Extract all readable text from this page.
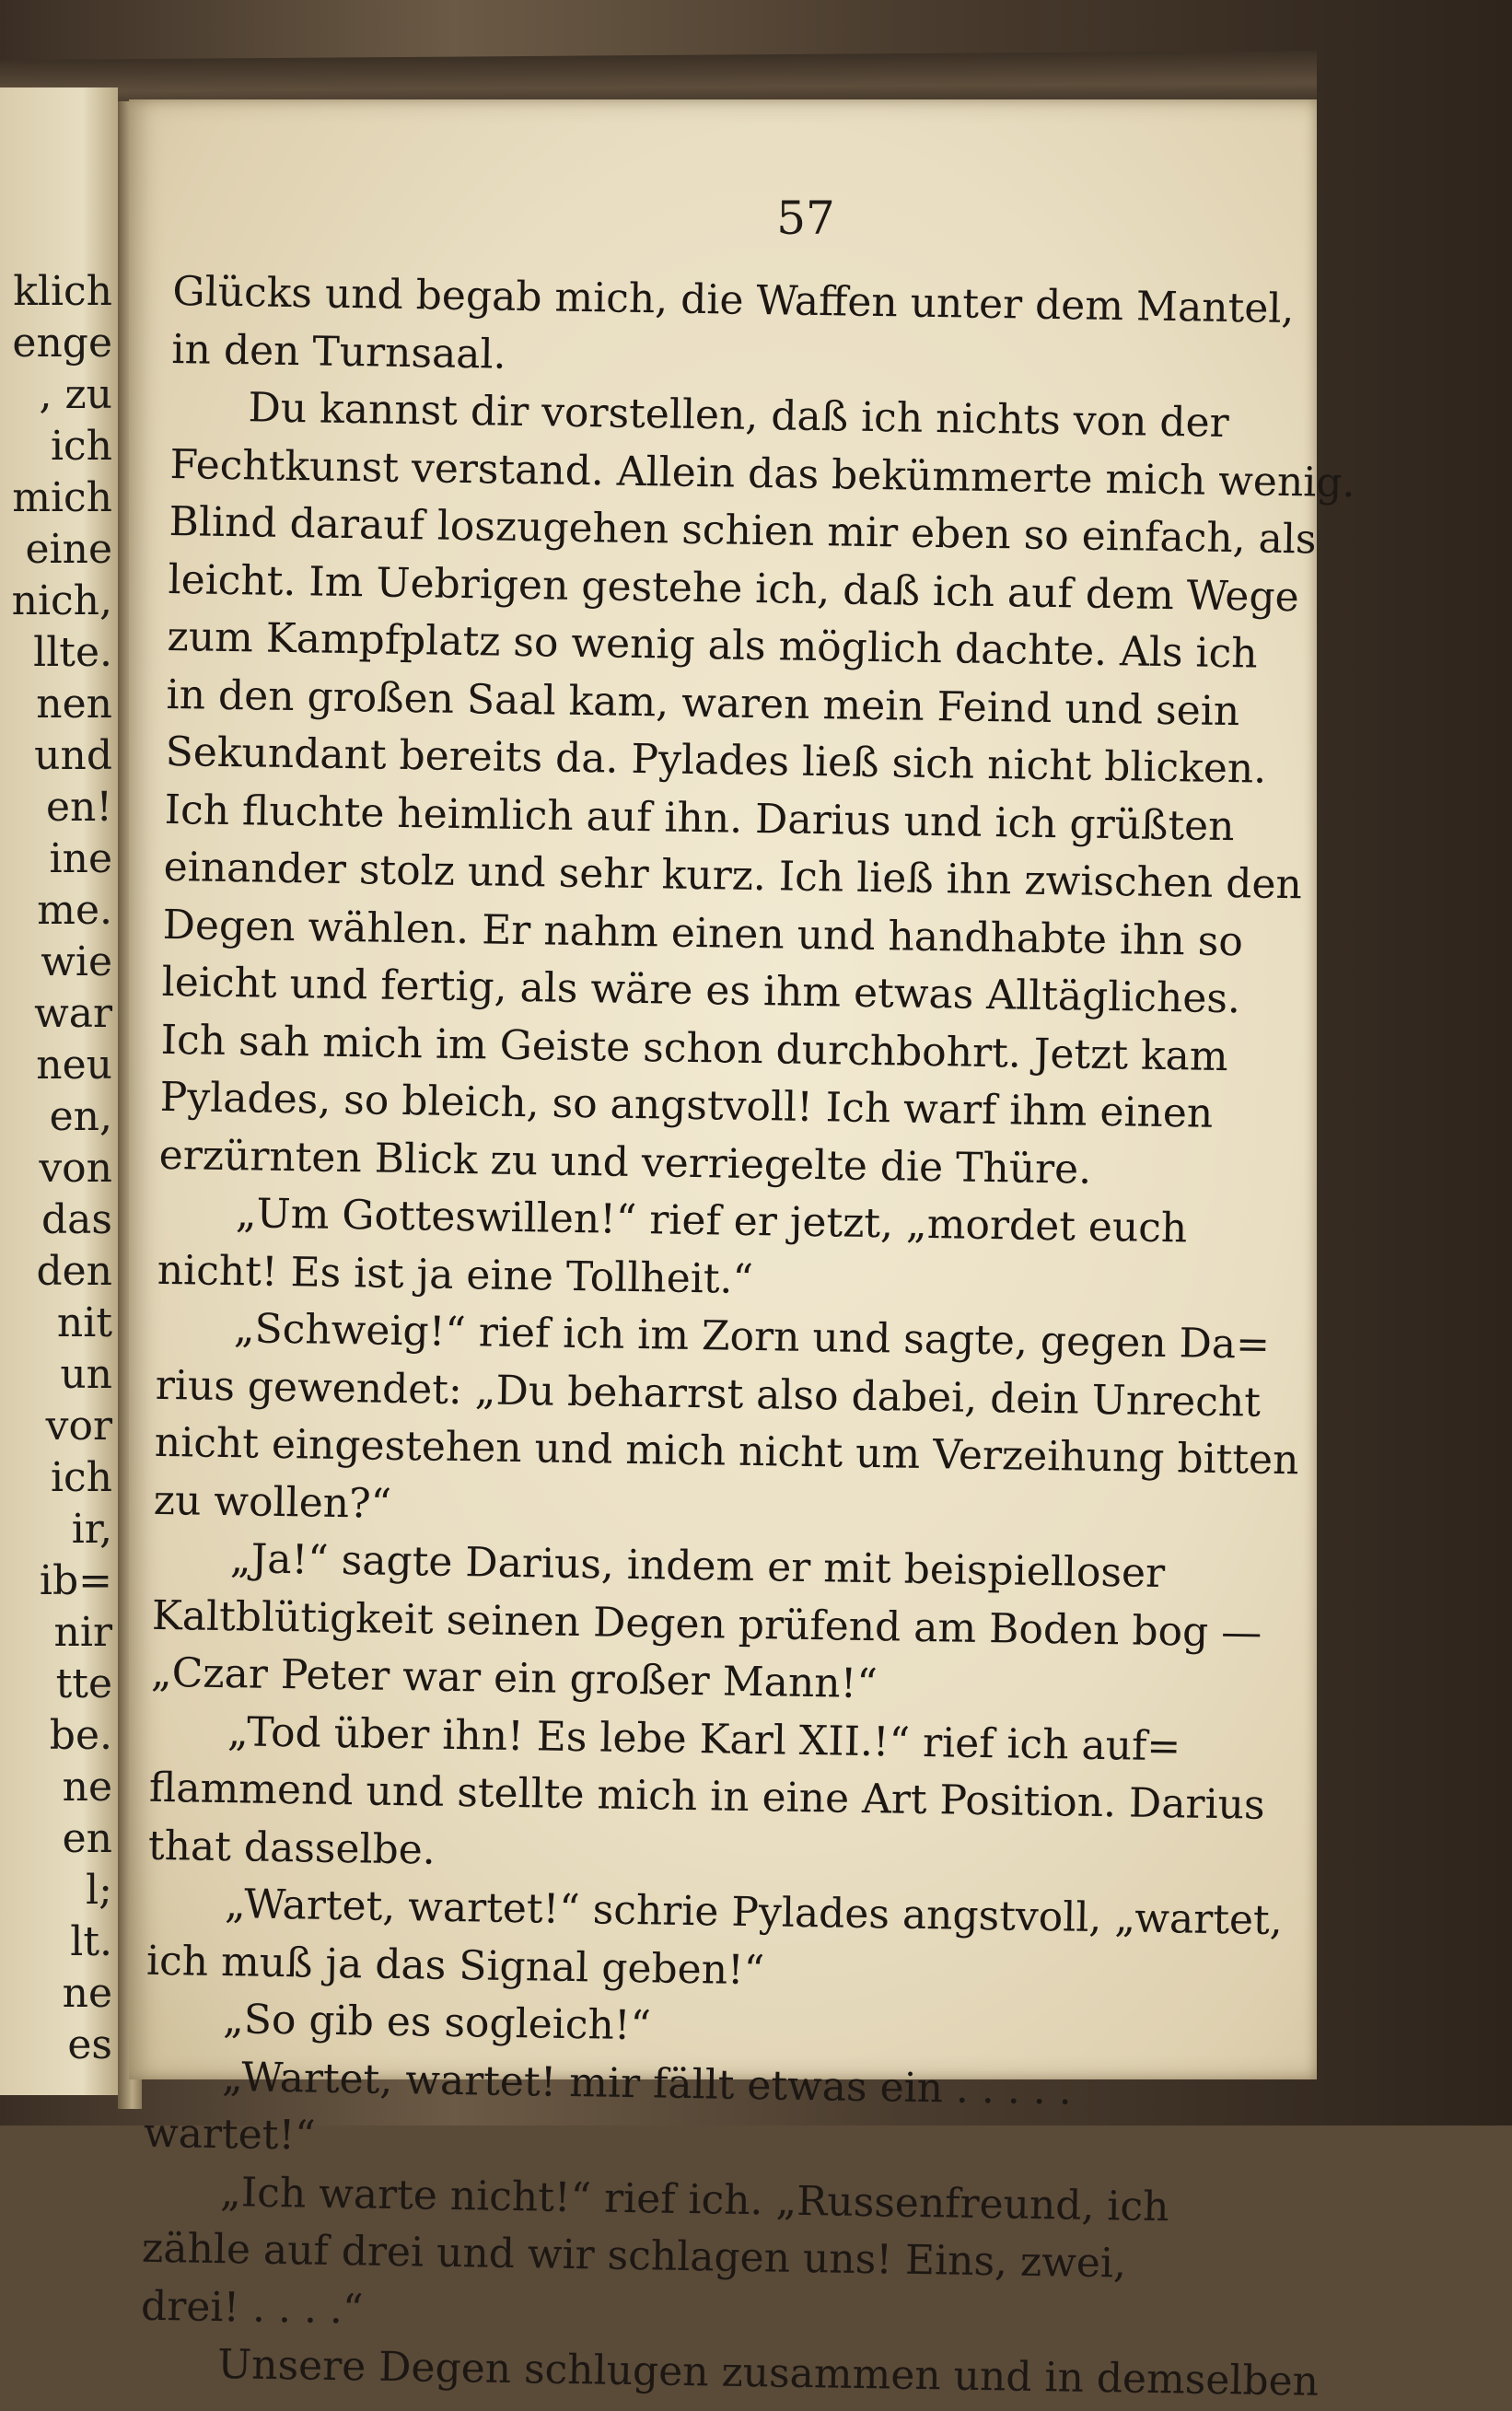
klich
enge
, zu
ich
mich
eine
nich,
llte.
nen
und
en!
ine
me.
wie
war
neu
en,
von
das
den
nit
un
vor
ich
ir,
ib=
nir
tte
be.
ne
en
l;
lt.
ne
es
57
Glücks und begab mich, die Waffen unter dem Mantel,
in den Turnsaal.
Du kannst dir vorstellen, daß ich nichts von der
Fechtkunst verstand. Allein das bekümmerte mich wenig.
Blind darauf loszugehen schien mir eben so einfach, als
leicht. Im Uebrigen gestehe ich, daß ich auf dem Wege
zum Kampfplatz so wenig als möglich dachte. Als ich
in den großen Saal kam, waren mein Feind und sein
Sekundant bereits da. Pylades ließ sich nicht blicken.
Ich fluchte heimlich auf ihn. Darius und ich grüßten
einander stolz und sehr kurz. Ich ließ ihn zwischen den
Degen wählen. Er nahm einen und handhabte ihn so
leicht und fertig, als wäre es ihm etwas Alltägliches.
Ich sah mich im Geiste schon durchbohrt. Jetzt kam
Pylades, so bleich, so angstvoll! Ich warf ihm einen
erzürnten Blick zu und verriegelte die Thüre.
„Um Gotteswillen!“ rief er jetzt, „mordet euch
nicht! Es ist ja eine Tollheit.“
„Schweig!“ rief ich im Zorn und sagte, gegen Da=
rius gewendet: „Du beharrst also dabei, dein Unrecht
nicht eingestehen und mich nicht um Verzeihung bitten
zu wollen?“
„Ja!“ sagte Darius, indem er mit beispielloser
Kaltblütigkeit seinen Degen prüfend am Boden bog —
„Czar Peter war ein großer Mann!“
„Tod über ihn! Es lebe Karl XII.!“ rief ich auf=
flammend und stellte mich in eine Art Position. Darius
that dasselbe.
„Wartet, wartet!“ schrie Pylades angstvoll, „wartet,
ich muß ja das Signal geben!“
„So gib es sogleich!“
„Wartet, wartet! mir fällt etwas ein . . . . .
wartet!“
„Ich warte nicht!“ rief ich. „Russenfreund, ich
zähle auf drei und wir schlagen uns! Eins, zwei,
drei! . . . .“
Unsere Degen schlugen zusammen und in demselben
